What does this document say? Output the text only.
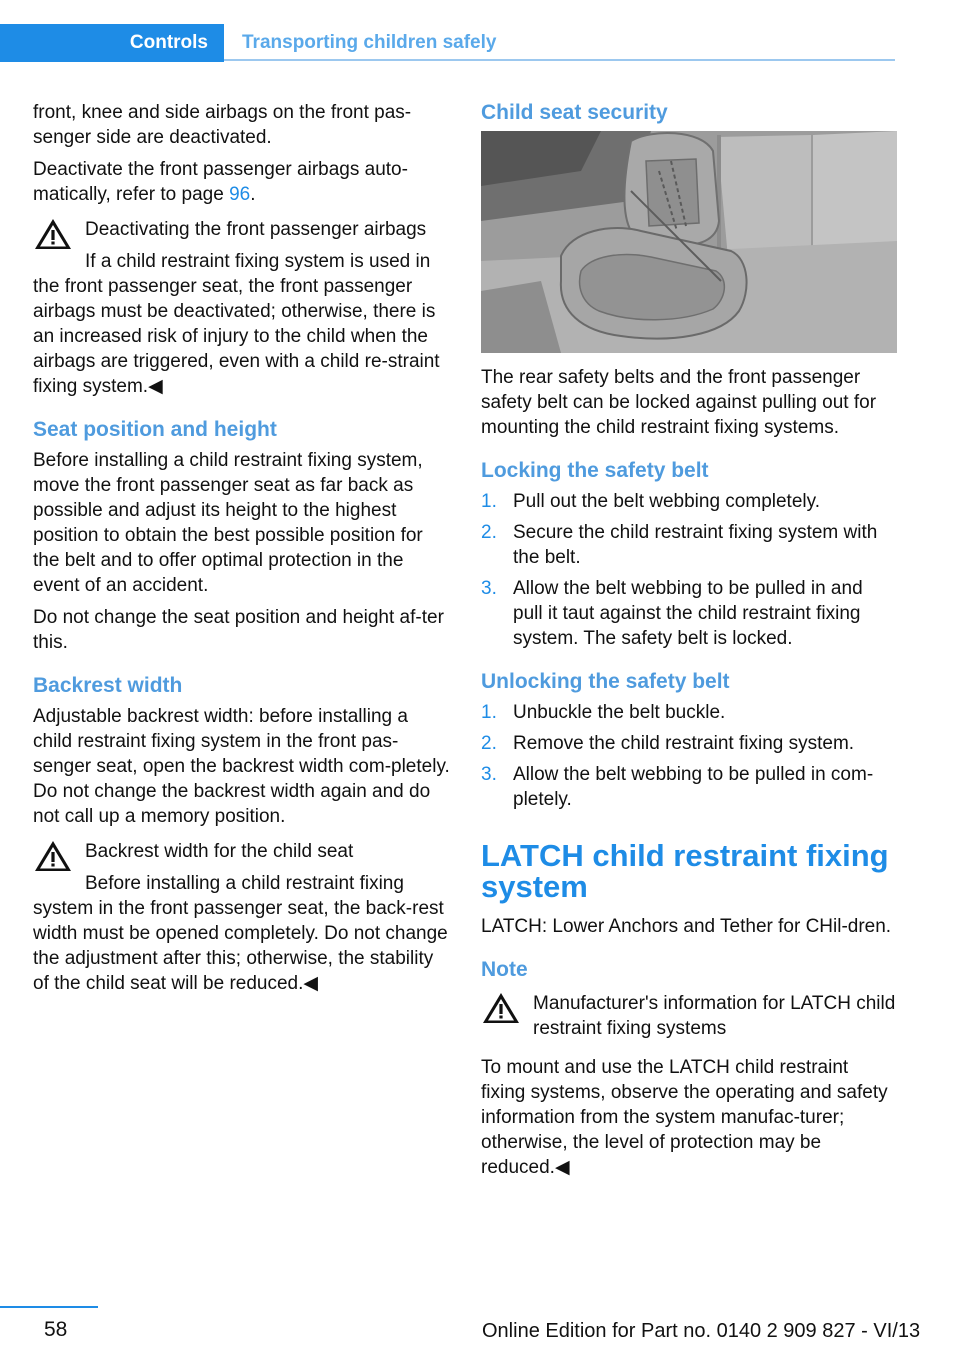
Controls	Transporting children safely

front, knee and side airbags on the front pas-senger side are deactivated.

Deactivate the front passenger airbags auto-matically, refer to page 96.

Deactivating the front passenger airbags
If a child restraint fixing system is used in the front passenger seat, the front passenger airbags must be deactivated; otherwise, there is an increased risk of injury to the child when the airbags are triggered, even with a child re-straint fixing system.◀
Seat position and height

Before installing a child restraint fixing system, move the front passenger seat as far back as possible and adjust its height to the highest position to obtain the best possible position for the belt and to offer optimal protection in the event of an accident.

Do not change the seat position and height af-ter this.

Backrest width

Adjustable backrest width: before installing a child restraint fixing system in the front pas-senger seat, open the backrest width com-pletely. Do not change the backrest width again and do not call up a memory position.

Backrest width for the child seat
Before installing a child restraint fixing system in the front passenger seat, the back-rest width must be opened completely. Do not change the adjustment after this; otherwise, the stability of the child seat will be reduced.◀
Child seat security

The rear safety belts and the front passenger safety belt can be locked against pulling out for mounting the child restraint fixing systems.

Locking the safety belt
1. Pull out the belt webbing completely.
2. Secure the child restraint fixing system with the belt.
3. Allow the belt webbing to be pulled in and pull it taut against the child restraint fixing system. The safety belt is locked.
Unlocking the safety belt
1. Unbuckle the belt buckle.
2. Remove the child restraint fixing system.
3. Allow the belt webbing to be pulled in com-pletely.
LATCH child restraint fixing system

LATCH: Lower Anchors and Tether for CHil-dren.

Note
Manufacturer's information for LATCH child restraint fixing systems

To mount and use the LATCH child restraint fixing systems, observe the operating and safety information from the system manufac-turer; otherwise, the level of protection may be reduced.◀

58	Online Edition for Part no. 0140 2 909 827 - VI/13
